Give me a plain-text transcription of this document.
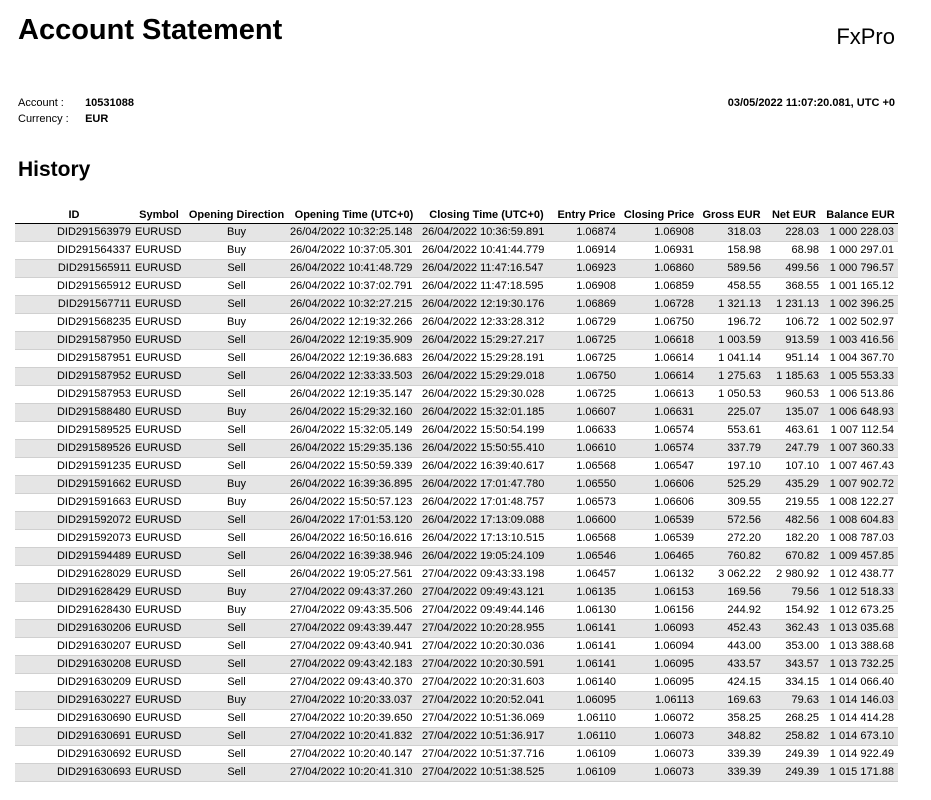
Account Statement	FxPro
Account : 10531088
Currency : EUR
03/05/2022 11:07:20.081, UTC +0
History
ID	Symbol	Opening Direction	Opening Time (UTC+0)	Closing Time (UTC+0)	Entry Price	Closing Price	Gross EUR	Net EUR	Balance EUR
DID291563979	EURUSD	Buy	26/04/2022 10:32:25.148	26/04/2022 10:36:59.891	1.06874	1.06908	318.03	228.03	1 000 228.03
DID291564337	EURUSD	Buy	26/04/2022 10:37:05.301	26/04/2022 10:41:44.779	1.06914	1.06931	158.98	68.98	1 000 297.01
DID291565911	EURUSD	Sell	26/04/2022 10:41:48.729	26/04/2022 11:47:16.547	1.06923	1.06860	589.56	499.56	1 000 796.57
DID291565912	EURUSD	Sell	26/04/2022 10:37:02.791	26/04/2022 11:47:18.595	1.06908	1.06859	458.55	368.55	1 001 165.12
DID291567711	EURUSD	Sell	26/04/2022 10:32:27.215	26/04/2022 12:19:30.176	1.06869	1.06728	1 321.13	1 231.13	1 002 396.25
DID291568235	EURUSD	Buy	26/04/2022 12:19:32.266	26/04/2022 12:33:28.312	1.06729	1.06750	196.72	106.72	1 002 502.97
DID291587950	EURUSD	Sell	26/04/2022 12:19:35.909	26/04/2022 15:29:27.217	1.06725	1.06618	1 003.59	913.59	1 003 416.56
DID291587951	EURUSD	Sell	26/04/2022 12:19:36.683	26/04/2022 15:29:28.191	1.06725	1.06614	1 041.14	951.14	1 004 367.70
DID291587952	EURUSD	Sell	26/04/2022 12:33:33.503	26/04/2022 15:29:29.018	1.06750	1.06614	1 275.63	1 185.63	1 005 553.33
DID291587953	EURUSD	Sell	26/04/2022 12:19:35.147	26/04/2022 15:29:30.028	1.06725	1.06613	1 050.53	960.53	1 006 513.86
DID291588480	EURUSD	Buy	26/04/2022 15:29:32.160	26/04/2022 15:32:01.185	1.06607	1.06631	225.07	135.07	1 006 648.93
DID291589525	EURUSD	Sell	26/04/2022 15:32:05.149	26/04/2022 15:50:54.199	1.06633	1.06574	553.61	463.61	1 007 112.54
DID291589526	EURUSD	Sell	26/04/2022 15:29:35.136	26/04/2022 15:50:55.410	1.06610	1.06574	337.79	247.79	1 007 360.33
DID291591235	EURUSD	Sell	26/04/2022 15:50:59.339	26/04/2022 16:39:40.617	1.06568	1.06547	197.10	107.10	1 007 467.43
DID291591662	EURUSD	Buy	26/04/2022 16:39:36.895	26/04/2022 17:01:47.780	1.06550	1.06606	525.29	435.29	1 007 902.72
DID291591663	EURUSD	Buy	26/04/2022 15:50:57.123	26/04/2022 17:01:48.757	1.06573	1.06606	309.55	219.55	1 008 122.27
DID291592072	EURUSD	Sell	26/04/2022 17:01:53.120	26/04/2022 17:13:09.088	1.06600	1.06539	572.56	482.56	1 008 604.83
DID291592073	EURUSD	Sell	26/04/2022 16:50:16.616	26/04/2022 17:13:10.515	1.06568	1.06539	272.20	182.20	1 008 787.03
DID291594489	EURUSD	Sell	26/04/2022 16:39:38.946	26/04/2022 19:05:24.109	1.06546	1.06465	760.82	670.82	1 009 457.85
DID291628029	EURUSD	Sell	26/04/2022 19:05:27.561	27/04/2022 09:43:33.198	1.06457	1.06132	3 062.22	2 980.92	1 012 438.77
DID291628429	EURUSD	Buy	27/04/2022 09:43:37.260	27/04/2022 09:49:43.121	1.06135	1.06153	169.56	79.56	1 012 518.33
DID291628430	EURUSD	Buy	27/04/2022 09:43:35.506	27/04/2022 09:49:44.146	1.06130	1.06156	244.92	154.92	1 012 673.25
DID291630206	EURUSD	Sell	27/04/2022 09:43:39.447	27/04/2022 10:20:28.955	1.06141	1.06093	452.43	362.43	1 013 035.68
DID291630207	EURUSD	Sell	27/04/2022 09:43:40.941	27/04/2022 10:20:30.036	1.06141	1.06094	443.00	353.00	1 013 388.68
DID291630208	EURUSD	Sell	27/04/2022 09:43:42.183	27/04/2022 10:20:30.591	1.06141	1.06095	433.57	343.57	1 013 732.25
DID291630209	EURUSD	Sell	27/04/2022 09:43:40.370	27/04/2022 10:20:31.603	1.06140	1.06095	424.15	334.15	1 014 066.40
DID291630227	EURUSD	Buy	27/04/2022 10:20:33.037	27/04/2022 10:20:52.041	1.06095	1.06113	169.63	79.63	1 014 146.03
DID291630690	EURUSD	Sell	27/04/2022 10:20:39.650	27/04/2022 10:51:36.069	1.06110	1.06072	358.25	268.25	1 014 414.28
DID291630691	EURUSD	Sell	27/04/2022 10:20:41.832	27/04/2022 10:51:36.917	1.06110	1.06073	348.82	258.82	1 014 673.10
DID291630692	EURUSD	Sell	27/04/2022 10:20:40.147	27/04/2022 10:51:37.716	1.06109	1.06073	339.39	249.39	1 014 922.49
DID291630693	EURUSD	Sell	27/04/2022 10:20:41.310	27/04/2022 10:51:38.525	1.06109	1.06073	339.39	249.39	1 015 171.88
